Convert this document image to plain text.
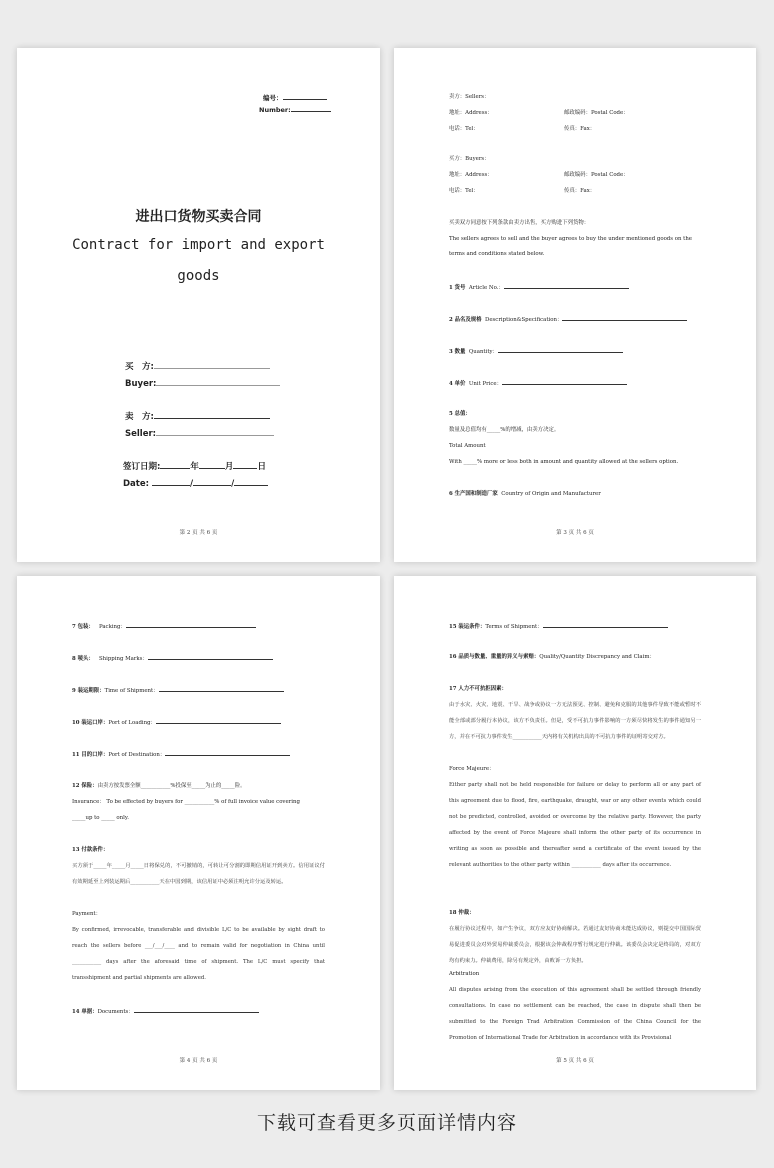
编号：
Number:
进出口货物买卖合同
Contract for import and export
goods
买　方:
Buyer:
卖　方:
Seller:
签订日期:	年	月	日
Date:	/	/
第 2 页 共 6 页
卖方：Sellers：
地址：Address：	邮政编码：Postal Code：
电话：Tel：	传真：Fax：
买方：Buyers：
地址：Address：	邮政编码：Postal Code：
电话：Tel：	传真：Fax：
买卖双方同意按下列条款由卖方出售，买方购进下列货物：
The sellers agrees to sell and the buyer agrees to buy the under mentioned goods on the
terms and conditions stated below.
1 货号 Article No.：
2 品名及规格 Description&Specification：
3 数量 Quantity：
4 单价 Unit Price：
5 总值：
数量及总值均有_____%的增减，由卖方决定。
Total Amount
With _____% more or less both in amount and quantity allowed at the sellers option.
6 生产国和制造厂家 Country of Origin and Manufacturer
第 3 页 共 6 页
7 包装： Packing：
8 唛头： Shipping Marks：
9 装运期限：Time of Shipment：
10 装运口岸：Port of Loading：
11 目的口岸：Port of Destination：
12 保险：由卖方按发票全额___________%投保至_____为止的_____险。
Insurance： To be effected by buyers for ___________% of full invoice value covering
_____up to _____ only.
13 付款条件：
买方须于_____年_____月_____日将保兑的，不可撤销的，可转让可分割的即期信用证开到卖方。信用证议付有效期延至上列装运期后___________天在中国到期，该信用证中必须注明允许分运及转运。
Payment：
By confirmed, irrevocable, transferable and divisible L/C to be available by sight draft to reach the sellers before ___/___/____ and to remain valid for negotiation in China until ___________ days after the aforesaid time of shipment. The L/C must specify that transshipment and partial shipments are allowed.
14 单据：Documents：
第 4 页 共 6 页
15 装运条件：Terms of Shipment：
16 品质与数量、重量的异义与索赔：Quality/Quantity Discrepancy and Claim：
17 人力不可抗拒因素：
由于水灾、火灾、地震、干旱、战争或协议一方无法预见、控制、避免和克服的其他事件导致不能或暂时不能全部或部分履行本协议，该方不负责任。但是，受不可抗力事件影响的一方须尽快将发生的事件通知另一方，并在不可抗力事件发生___________天内将有关机构出具的不可抗力事件的证明寄交对方。
Force Majeure：
Either party shall not be held responsible for failure or delay to perform all or any part of this agreement due to flood, fire, earthquake, draught, war or any other events which could not be predicted, controlled, avoided or overcome by the relative party. However, the party affected by the event of Force Majeure shall inform the other party of its occurrence in writing as soon as possible and thereafter send a certificate of the event issued by the relevant authorities to the other party within ___________ days after its occurrence.
18 仲裁：
在履行协议过程中，如产生争议，双方应友好协商解决。若通过友好协商未能达成协议，则提交中国国际贸易促进委员会对外贸易仲裁委员会，根据该会仲裁程序暂行规定进行仲裁。该委员会决定是终局的，对双方均有约束力。仲裁费用，除另有规定外，由败诉一方负担。
Arbitration
All disputes arising from the execution of this agreement shall be settled through friendly consultations. In case no settlement can be reached, the case in dispute shall then be submitted to the Foreign Trad Arbitration Commission of the China Council for the Promotion of International Trade for Arbitration in accordance with its Provisional
第 5 页 共 6 页
下载可查看更多页面详情内容
